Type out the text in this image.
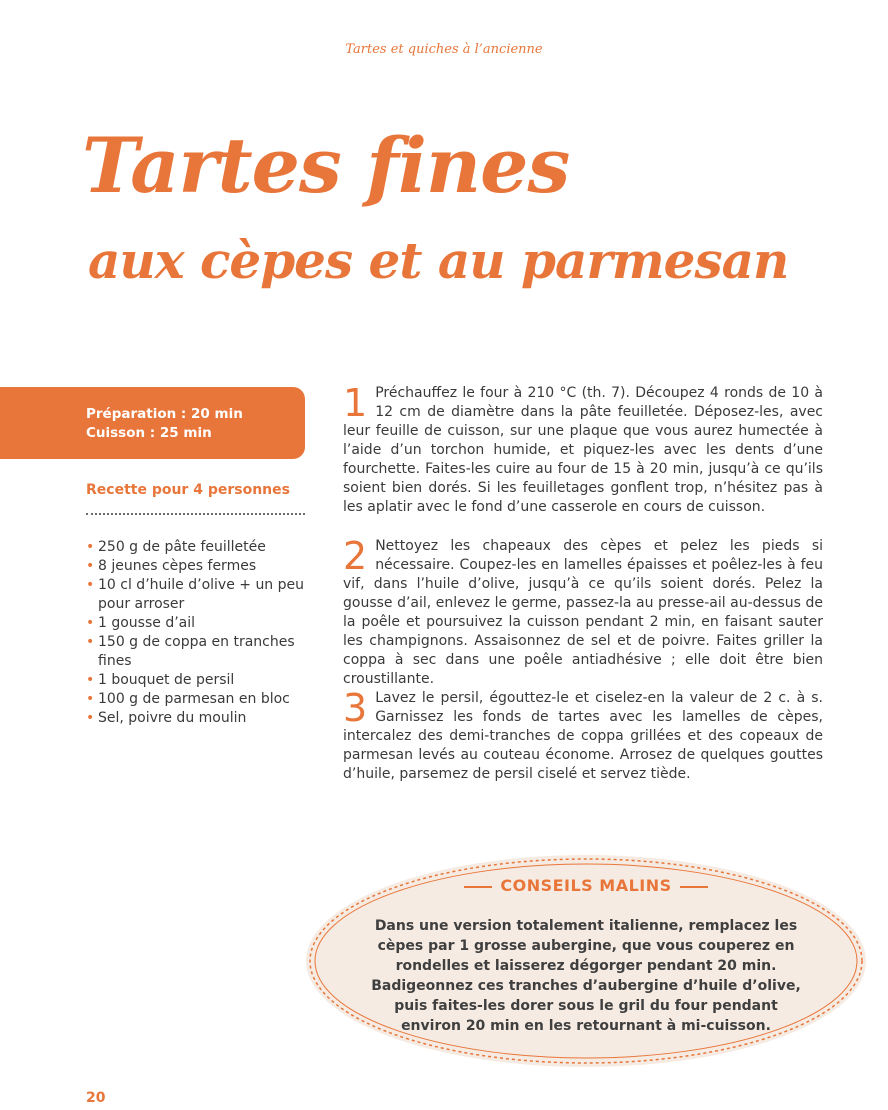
Tartes et quiches à l’ancienne
Tartes fines
aux cèpes et au parmesan
Préparation : 20 min
Cuisson : 25 min
Recette pour 4 personnes
• 250 g de pâte feuilletée
• 8 jeunes cèpes fermes
• 10 cl d’huile d’olive + un peu pour arroser
• 1 gousse d’ail
• 150 g de coppa en tranches fines
• 1 bouquet de persil
• 100 g de parmesan en bloc
• Sel, poivre du moulin
1 Préchauffez le four à 210 °C (th. 7). Découpez 4 ronds de 10 à 12 cm de diamètre dans la pâte feuilletée. Déposez-les, avec leur feuille de cuisson, sur une plaque que vous aurez humectée à l’aide d’un torchon humide, et piquez-les avec les dents d’une fourchette. Faites-les cuire au four de 15 à 20 min, jusqu’à ce qu’ils soient bien dorés. Si les feuilletages gonflent trop, n’hésitez pas à les aplatir avec le fond d’une casserole en cours de cuisson.
2 Nettoyez les chapeaux des cèpes et pelez les pieds si nécessaire. Coupez-les en lamelles épaisses et poêlez-les à feu vif, dans l’huile d’olive, jusqu’à ce qu’ils soient dorés. Pelez la gousse d’ail, enlevez le germe, passez-la au presse-ail au-dessus de la poêle et poursuivez la cuisson pendant 2 min, en faisant sauter les champignons. Assaisonnez de sel et de poivre. Faites griller la coppa à sec dans une poêle antiadhésive ; elle doit être bien croustillante.
3 Lavez le persil, égouttez-le et ciselez-en la valeur de 2 c. à s. Garnissez les fonds de tartes avec les lamelles de cèpes, intercalez des demi-tranches de coppa grillées et des copeaux de parmesan levés au couteau économe. Arrosez de quelques gouttes d’huile, parsemez de persil ciselé et servez tiède.
CONSEILS MALINS
Dans une version totalement italienne, remplacez les cèpes par 1 grosse aubergine, que vous couperez en rondelles et laisserez dégorger pendant 20 min. Badigeonnez ces tranches d’aubergine d’huile d’olive, puis faites-les dorer sous le gril du four pendant environ 20 min en les retournant à mi-cuisson.
20
